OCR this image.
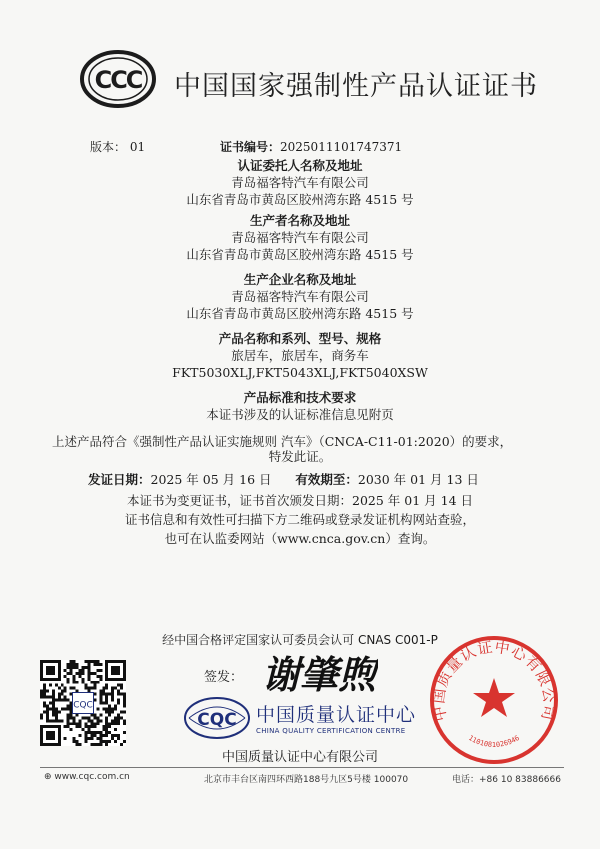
CCC 中国国家强制性产品认证证书
版本： 01	证书编号：2025011101747371
认证委托人名称及地址
青岛福客特汽车有限公司
山东省青岛市黄岛区胶州湾东路 4515 号
生产者名称及地址
青岛福客特汽车有限公司
山东省青岛市黄岛区胶州湾东路 4515 号
生产企业名称及地址
青岛福客特汽车有限公司
山东省青岛市黄岛区胶州湾东路 4515 号
产品名称和系列、型号、规格
旅居车，旅居车，商务车
FKT5030XLJ,FKT5043XLJ,FKT5040XSW
产品标准和技术要求
本证书涉及的认证标准信息见附页
上述产品符合《强制性产品认证实施规则 汽车》（CNCA-C11-01:2020）的要求，
特发此证。
发证日期：2025 年 05 月 16 日 有效期至：2030 年 01 月 13 日
本证书为变更证书，证书首次颁发日期：2025 年 01 月 14 日
证书信息和有效性可扫描下方二维码或登录发证机构网站查验，
也可在认监委网站（www.cnca.gov.cn）查询。
经中国合格评定国家认可委员会认可 CNAS C001-P
CQC
签发： 谢肇煦
CQC 中国质量认证中心
CHINA QUALITY CERTIFICATION CENTRE
中国质量认证中心有限公司
1101081026946
中国质量认证中心有限公司
⊕ www.cqc.com.cn	北京市丰台区南四环西路188号九区5号楼 100070	电话：+86 10 83886666
